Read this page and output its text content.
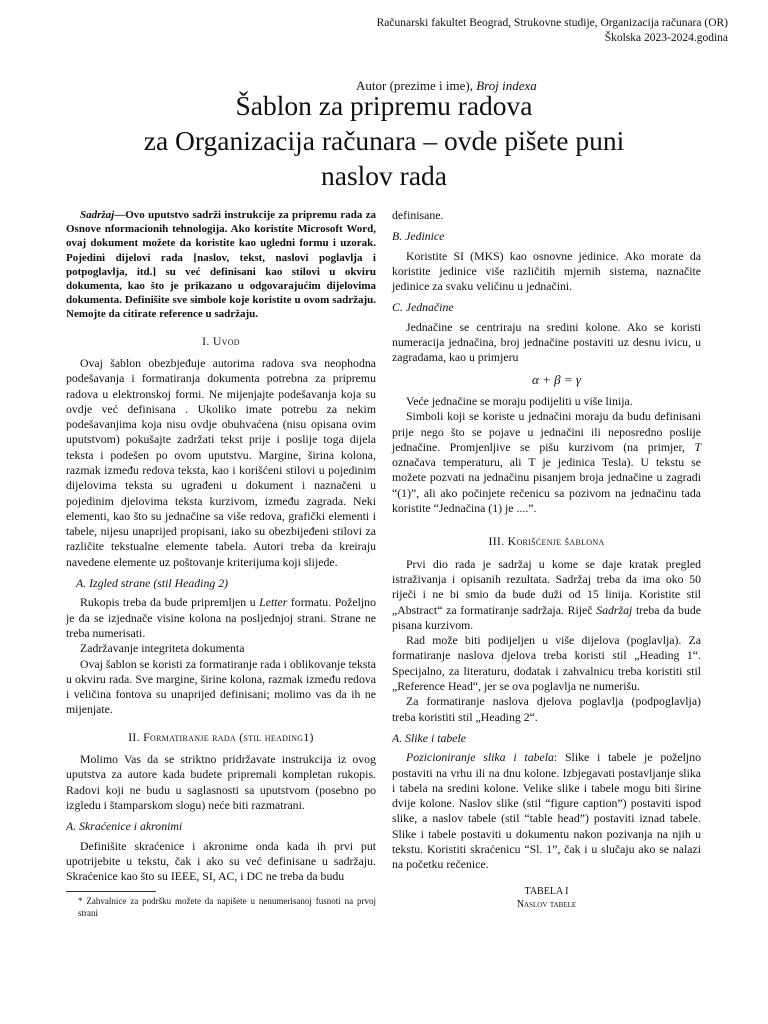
Računarski fakultet Beograd, Strukovne studije, Organizacija računara (OR)
Školska 2023-2024.godina
Autor (prezime i ime), Broj indexa
Šablon za pripremu radova
za Organizacija računara – ovde pišete puni
naslov rada

Sadržaj—Ovo uputstvo sadrži instrukcije za pripremu rada za Osnove nformacionih tehnologija. Ako koristite Microsoft Word, ovaj dokument možete da koristite kao ugledni formu i uzorak. Pojedini dijelovi rada [naslov, tekst, naslovi poglavlja i potpoglavlja, itd.] su već definisani kao stilovi u okviru dokumenta, kao što je prikazano u odgovarajućim dijelovima dokumenta. Definišite sve simbole koje koristite u ovom sadržaju. Nemojte da citirate reference u sadržaju.

I. Uvod

Ovaj šablon obezbjeđuje autorima radova sva neophodna podešavanja i formatiranja dokumenta potrebna za pripremu radova u elektronskoj formi. Ne mijenjajte podešavanja koja su ovdje već definisana . Ukoliko imate potrebu za nekim podešavanjima koja nisu ovdje obuhvaćena (nisu opisana ovim uputstvom) pokušajte zadržati tekst prije i poslije toga dijela teksta i podešen po ovom uputstvu. Margine, širina kolona, razmak između redova teksta, kao i korišćeni stilovi u pojedinim dijelovima teksta su ugrađeni u dokument i naznačeni u pojedinim djelovima teksta kurzivom, između zagrada. Neki elementi, kao što su jednačine sa više redova, grafički elementi i tabele, nijesu unaprijed propisani, iako su obezbijeđeni stilovi za različite tekstualne elemente tabela. Autori treba da kreiraju navedene elemente uz poštovanje kriterijuma koji slijede.

A. Izgled strane (stil Heading 2)

Rukopis treba da bude pripremljen u Letter formatu. Poželjno je da se izjednače visine kolona na posljednjoj strani. Strane ne treba numerisati.

Zadržavanje integriteta dokumenta

Ovaj šablon se koristi za formatiranje rada i oblikovanje teksta u okviru rada. Sve margine, širine kolona, razmak između redova i veličina fontova su unaprijed definisani; molimo vas da ih ne mijenjate.

II. Formatiranje rada (stil heading1)

Molimo Vas da se striktno pridržavate instrukcija iz ovog uputstva za autore kada budete pripremali kompletan rukopis. Radovi koji ne budu u saglasnosti sa uputstvom (posebno po izgledu i štamparskom slogu) neće biti razmatrani.

A. Skraćenice i akronimi

Definišite skraćenice i akronime onda kada ih prvi put upotrijebite u tekstu, čak i ako su već definisane u sadržaju. Skraćenice kao što su IEEE, SI, AC, i DC ne treba da budu

* Zahvalnice za podršku možete da napišete u nenumerisanoj fusnoti na prvoj strani

definisane.

B. Jedinice

Koristite SI (MKS) kao osnovne jedinice. Ako morate da koristite jedinice više različitih mjernih sistema, naznačite jedinice za svaku veličinu u jednačini.

C. Jednačine

Jednačine se centriraju na sredini kolone. Ako se koristi numeracija jednačina, broj jednačine postaviti uz desnu ivicu, u zagradama, kao u primjeru

α + β = γ

Veće jednačine se moraju podijeliti u više linija.

Simboli koji se koriste u jednačini moraju da budu definisani prije nego što se pojave u jednačini ili neposredno poslije jednačine. Promjenljive se pišu kurzivom (na primjer, T označava temperaturu, ali T je jedinica Tesla). U tekstu se možete pozvati na jednačinu pisanjem broja jednačine u zagradi “(1)”, ali ako počinjete rečenicu sa pozivom na jednačinu tada koristite “Jednačina (1) je ....”.

III. Korišćenje šablona

Prvi dio rada je sadržaj u kome se daje kratak pregled istraživanja i opisanih rezultata. Sadržaj treba da ima oko 50 riječi i ne bi smio da bude duži od 15 linija. Koristite stil „Abstract“ za formatiranje sadržaja. Riječ Sadržaj treba da bude pisana kurzivom.

Rad može biti podijeljen u više dijelova (poglavlja). Za formatiranje naslova djelova treba koristi stil „Heading 1“. Specijalno, za literaturu, dodatak i zahvalnicu treba koristiti stil „Reference Head“, jer se ova poglavlja ne numerišu.

Za formatiranje naslova djelova poglavlja (podpoglavlja) treba koristiti stil „Heading 2“.

A. Slike i tabele

Pozicioniranje slika i tabela: Slike i tabele je poželjno postaviti na vrhu ili na dnu kolone. Izbjegavati postavljanje slika i tabela na sredini kolone. Velike slike i tabele mogu biti širine dvije kolone. Naslov slike (stil “figure caption”) postaviti ispod slike, a naslov tabele (stil “table head”) postaviti iznad tabele. Slike i tabele postaviti u dokumentu nakon pozivanja na njih u tekstu. Koristiti skraćenicu “Sl. 1”, čak i u slučaju ako se nalazi na početku rečenice.

TABELA I
Naslov tabele
